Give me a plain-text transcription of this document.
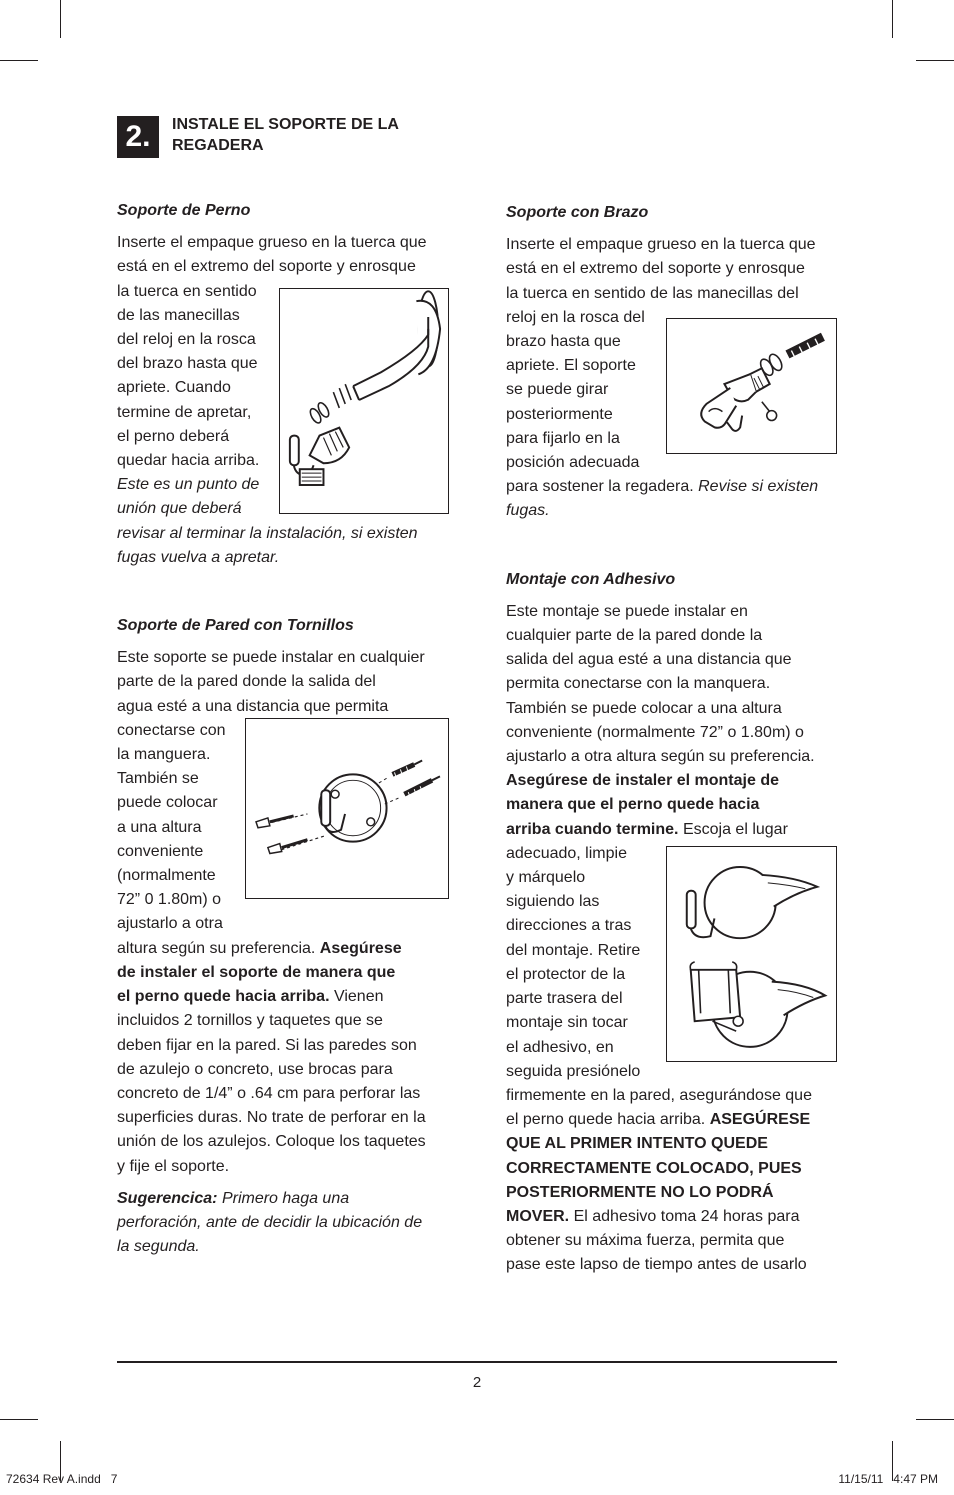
2.	INSTALE EL SOPORTE DE LA REGADERA

Soporte de Perno

Inserte el empaque grueso en la tuerca que
está en el extremo del soporte y enrosque
la tuerca en sentido
de las manecillas
del reloj en la rosca
del brazo hasta que
apriete. Cuando
termine de apretar,
el perno deberá
quedar hacia arriba.
Este es un punto de
unión que deberá
revisar al terminar la instalación, si existen
fugas vuelva a apretar.

Soporte de Pared con Tornillos

Este soporte se puede instalar en cualquier
parte de la pared donde la salida del
agua esté a una distancia que permita
conectarse con
la manguera.
También se
puede colocar
a una altura
conveniente
(normalmente
72” 0 1.80m) o
ajustarlo a otra
altura según su preferencia. Asegúrese
de instaler el soporte de manera que
el perno quede hacia arriba. Vienen
incluidos 2 tornillos y taquetes que se
deben fijar en la pared. Si las paredes son
de azulejo o concreto, use brocas para
concreto de 1/4” o .64 cm para perforar las
superficies duras. No trate de perforar en la
unión de los azulejos. Coloque los taquetes
y fije el soporte.
Sugerencica: Primero haga una
perforación, ante de decidir la ubicación de
la segunda.

Soporte con Brazo

Inserte el empaque grueso en la tuerca que
está en el extremo del soporte y enrosque
la tuerca en sentido de las manecillas del
reloj en la rosca del
brazo hasta que
apriete. El soporte
se puede girar
posteriormente
para fijarlo en la
posición adecuada
para sostener la regadera. Revise si existen
fugas.

Montaje con Adhesivo

Este montaje se puede instalar en
cualquier parte de la pared donde la
salida del agua esté a una distancia que
permita conectarse con la manquera.
También se puede colocar a una altura
conveniente (normalmente 72” o 1.80m) o
ajustarlo a otra altura según su preferencia.
Asegúrese de instaler el montaje de
manera que el perno quede hacia
arriba cuando termine. Escoja el lugar
adecuado, limpie
y márquelo
siguiendo las
direcciones a tras
del montaje. Retire
el protector de la
parte trasera del
montaje sin tocar
el adhesivo, en
seguida presiónelo
firmemente en la pared, asegurándose que
el perno quede hacia arriba. ASEGÚRESE
QUE AL PRIMER INTENTO QUEDE
CORRECTAMENTE COLOCADO, PUES
POSTERIORMENTE NO LO PODRÁ
MOVER. El adhesivo toma 24 horas para
obtener su máxima fuerza, permita que
pase este lapso de tiempo antes de usarlo
2
72634 Rev A.indd   7	11/15/11   4:47 PM
